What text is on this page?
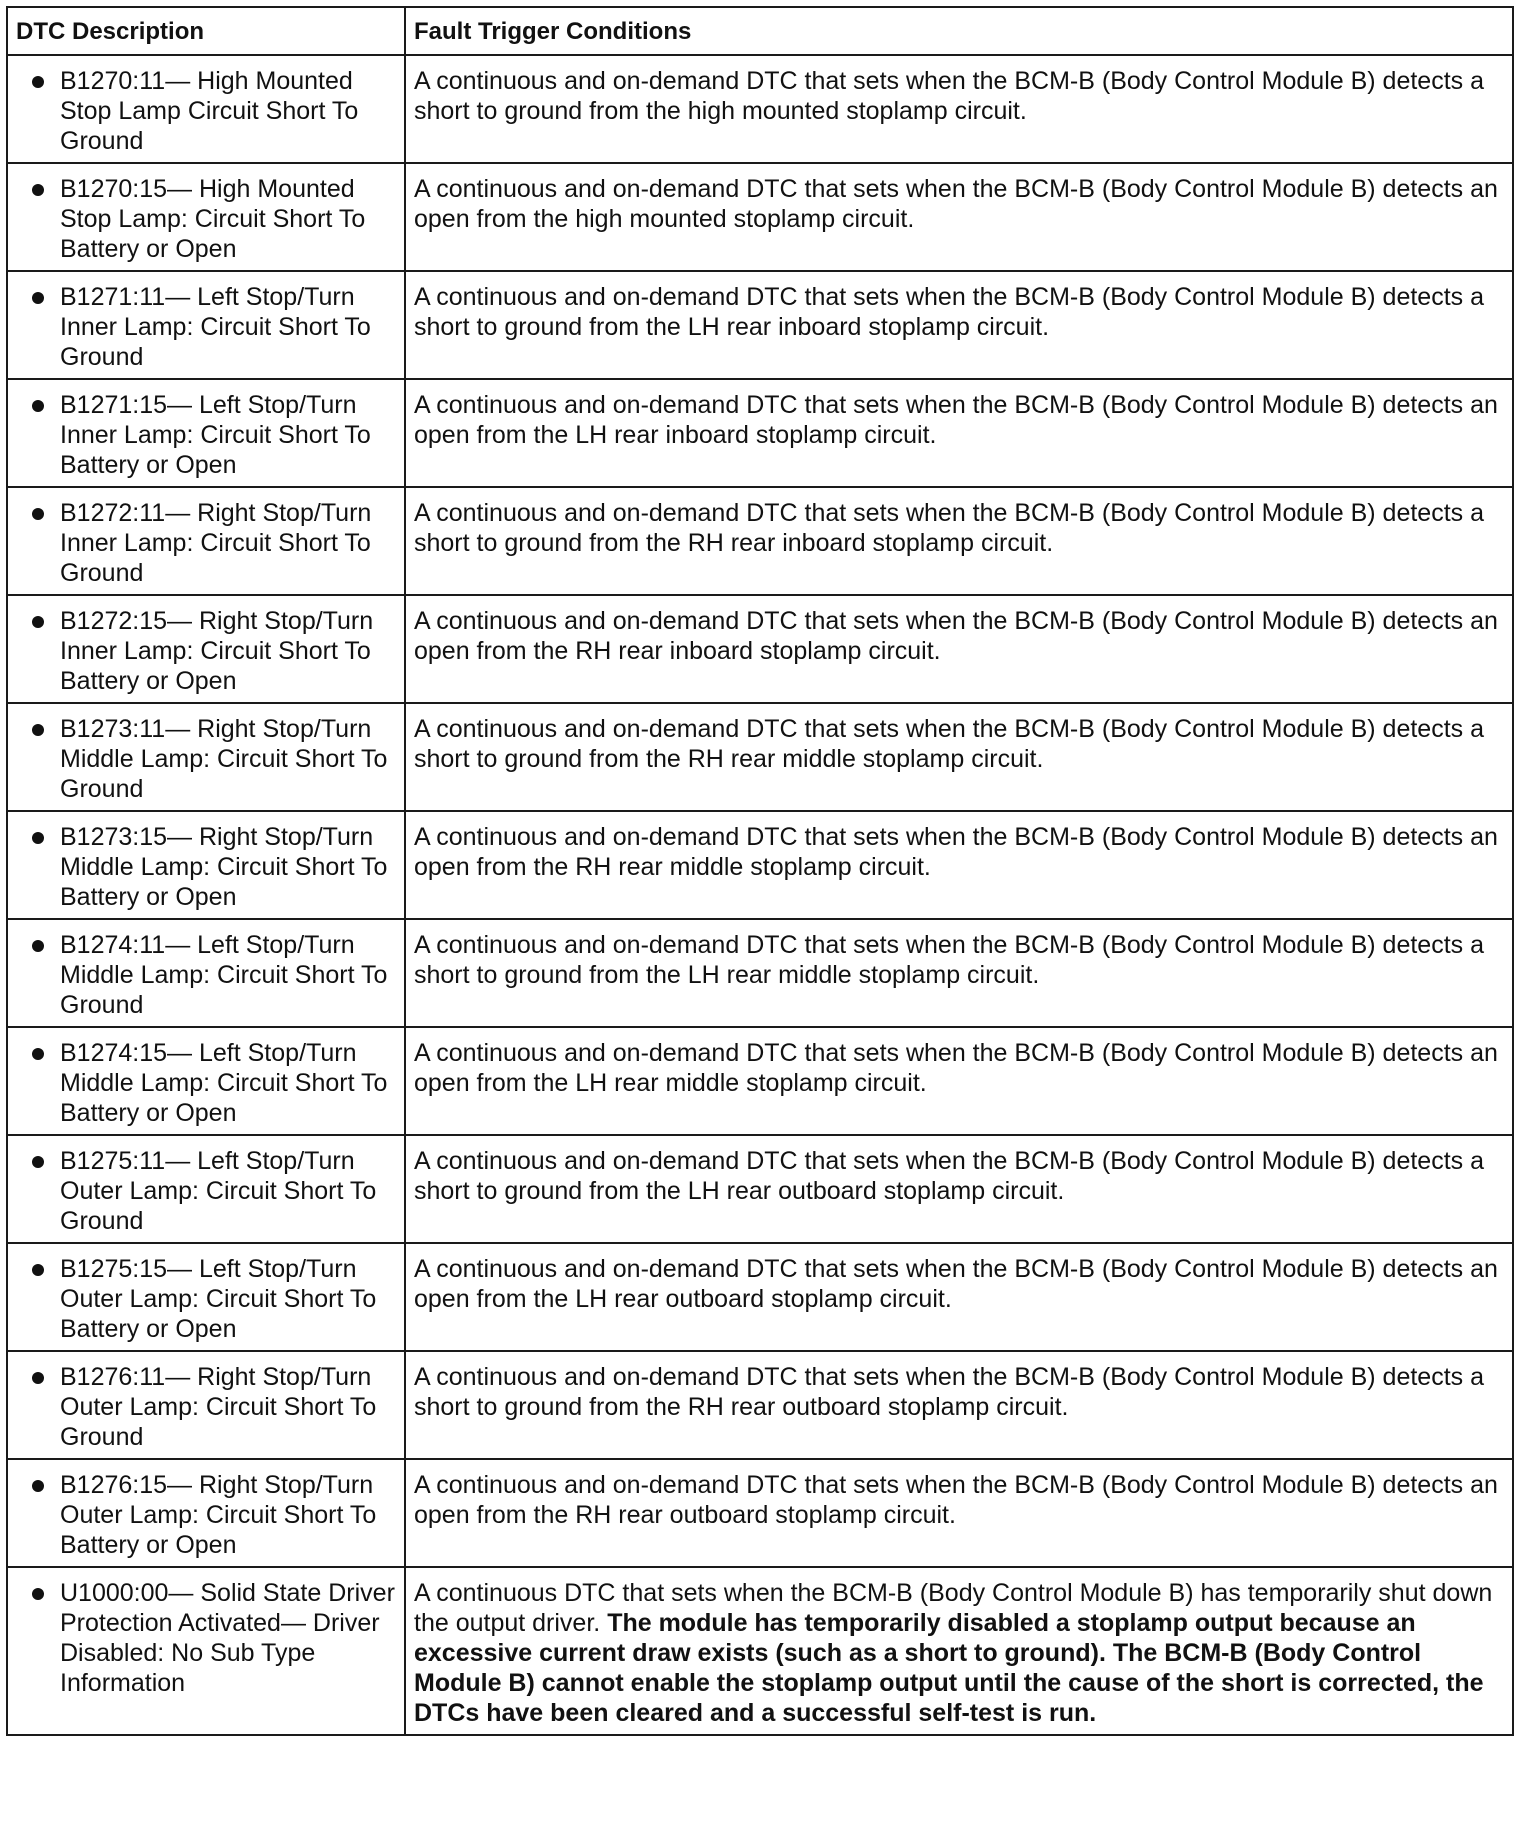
DTC Description	Fault Trigger Conditions

B1270:11— High Mounted Stop Lamp Circuit Short To Ground	A continuous and on-demand DTC that sets when the BCM-B (Body Control Module B) detects a short to ground from the high mounted stoplamp circuit.

B1270:15— High Mounted Stop Lamp: Circuit Short To Battery or Open	A continuous and on-demand DTC that sets when the BCM-B (Body Control Module B) detects an open from the high mounted stoplamp circuit.

B1271:11— Left Stop/Turn Inner Lamp: Circuit Short To Ground	A continuous and on-demand DTC that sets when the BCM-B (Body Control Module B) detects a short to ground from the LH rear inboard stoplamp circuit.

B1271:15— Left Stop/Turn Inner Lamp: Circuit Short To Battery or Open	A continuous and on-demand DTC that sets when the BCM-B (Body Control Module B) detects an open from the LH rear inboard stoplamp circuit.

B1272:11— Right Stop/Turn Inner Lamp: Circuit Short To Ground	A continuous and on-demand DTC that sets when the BCM-B (Body Control Module B) detects a short to ground from the RH rear inboard stoplamp circuit.

B1272:15— Right Stop/Turn Inner Lamp: Circuit Short To Battery or Open	A continuous and on-demand DTC that sets when the BCM-B (Body Control Module B) detects an open from the RH rear inboard stoplamp circuit.

B1273:11— Right Stop/Turn Middle Lamp: Circuit Short To Ground	A continuous and on-demand DTC that sets when the BCM-B (Body Control Module B) detects a short to ground from the RH rear middle stoplamp circuit.

B1273:15— Right Stop/Turn Middle Lamp: Circuit Short To Battery or Open	A continuous and on-demand DTC that sets when the BCM-B (Body Control Module B) detects an open from the RH rear middle stoplamp circuit.

B1274:11— Left Stop/Turn Middle Lamp: Circuit Short To Ground	A continuous and on-demand DTC that sets when the BCM-B (Body Control Module B) detects a short to ground from the LH rear middle stoplamp circuit.

B1274:15— Left Stop/Turn Middle Lamp: Circuit Short To Battery or Open	A continuous and on-demand DTC that sets when the BCM-B (Body Control Module B) detects an open from the LH rear middle stoplamp circuit.

B1275:11— Left Stop/Turn Outer Lamp: Circuit Short To Ground	A continuous and on-demand DTC that sets when the BCM-B (Body Control Module B) detects a short to ground from the LH rear outboard stoplamp circuit.

B1275:15— Left Stop/Turn Outer Lamp: Circuit Short To Battery or Open	A continuous and on-demand DTC that sets when the BCM-B (Body Control Module B) detects an open from the LH rear outboard stoplamp circuit.

B1276:11— Right Stop/Turn Outer Lamp: Circuit Short To Ground	A continuous and on-demand DTC that sets when the BCM-B (Body Control Module B) detects a short to ground from the RH rear outboard stoplamp circuit.

B1276:15— Right Stop/Turn Outer Lamp: Circuit Short To Battery or Open	A continuous and on-demand DTC that sets when the BCM-B (Body Control Module B) detects an open from the RH rear outboard stoplamp circuit.

U1000:00— Solid State Driver Protection Activated— Driver Disabled: No Sub Type Information	A continuous DTC that sets when the BCM-B (Body Control Module B) has temporarily shut down the output driver. The module has temporarily disabled a stoplamp output because an excessive current draw exists (such as a short to ground). The BCM-B (Body Control Module B) cannot enable the stoplamp output until the cause of the short is corrected, the DTCs have been cleared and a successful self-test is run.
